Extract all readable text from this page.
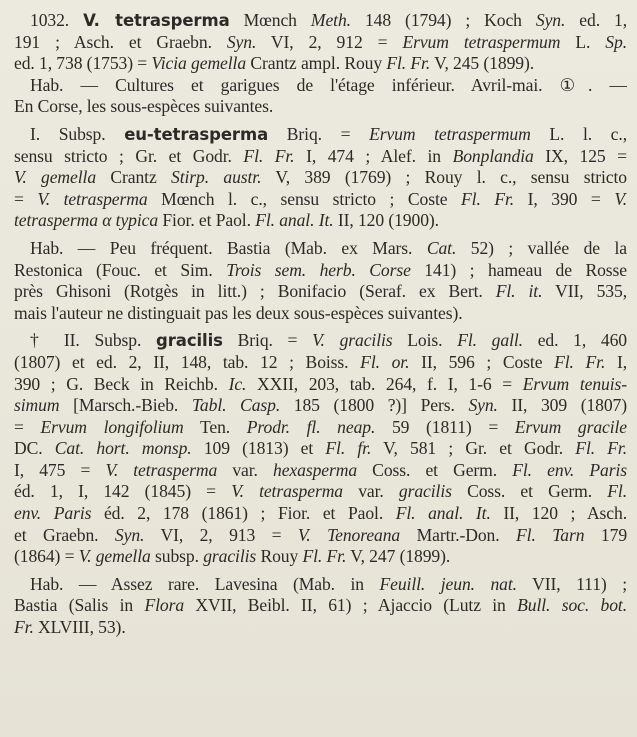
1032. V. tetrasperma Mœnch Meth. 148 (1794) ; Koch Syn. ed. 1,
191 ; Asch. et Graebn. Syn. VI, 2, 912 = Ervum tetraspermum L. Sp.
ed. 1, 738 (1753) = Vicia gemella Crantz ampl. Rouy Fl. Fr. V, 245 (1899).
Hab. — Cultures et garigues de l'étage inférieur. Avril-mai. ①. —
En Corse, les sous-espèces suivantes.
I. Subsp. eu-tetrasperma Briq. = Ervum tetraspermum L. l. c.,
sensu stricto ; Gr. et Godr. Fl. Fr. I, 474 ; Alef. in Bonplandia IX, 125 =
V. gemella Crantz Stirp. austr. V, 389 (1769) ; Rouy l. c., sensu stricto
= V. tetrasperma Mœnch l. c., sensu stricto ; Coste Fl. Fr. I, 390 = V.
tetrasperma α typica Fior. et Paol. Fl. anal. It. II, 120 (1900).
Hab. — Peu fréquent. Bastia (Mab. ex Mars. Cat. 52) ; vallée de la
Restonica (Fouc. et Sim. Trois sem. herb. Corse 141) ; hameau de Rosse
près Ghisoni (Rotgès in litt.) ; Bonifacio (Seraf. ex Bert. Fl. it. VII, 535,
mais l'auteur ne distinguait pas les deux sous-espèces suivantes).
† II. Subsp. gracilis Briq. = V. gracilis Lois. Fl. gall. ed. 1, 460
(1807) et ed. 2, II, 148, tab. 12 ; Boiss. Fl. or. II, 596 ; Coste Fl. Fr. I,
390 ; G. Beck in Reichb. Ic. XXII, 203, tab. 264, f. I, 1-6 = Ervum tenuis-
simum [Marsch.-Bieb. Tabl. Casp. 185 (1800 ?)] Pers. Syn. II, 309 (1807)
= Ervum longifolium Ten. Prodr. fl. neap. 59 (1811) = Ervum gracile
DC. Cat. hort. monsp. 109 (1813) et Fl. fr. V, 581 ; Gr. et Godr. Fl. Fr.
I, 475 = V. tetrasperma var. hexasperma Coss. et Germ. Fl. env. Paris
éd. 1, I, 142 (1845) = V. tetrasperma var. gracilis Coss. et Germ. Fl.
env. Paris éd. 2, 178 (1861) ; Fior. et Paol. Fl. anal. It. II, 120 ; Asch.
et Graebn. Syn. VI, 2, 913 = V. Tenoreana Martr.-Don. Fl. Tarn 179
(1864) = V. gemella subsp. gracilis Rouy Fl. Fr. V, 247 (1899).
Hab. — Assez rare. Lavesina (Mab. in Feuill. jeun. nat. VII, 111) ;
Bastia (Salis in Flora XVII, Beibl. II, 61) ; Ajaccio (Lutz in Bull. soc. bot.
Fr. XLVIII, 53).
